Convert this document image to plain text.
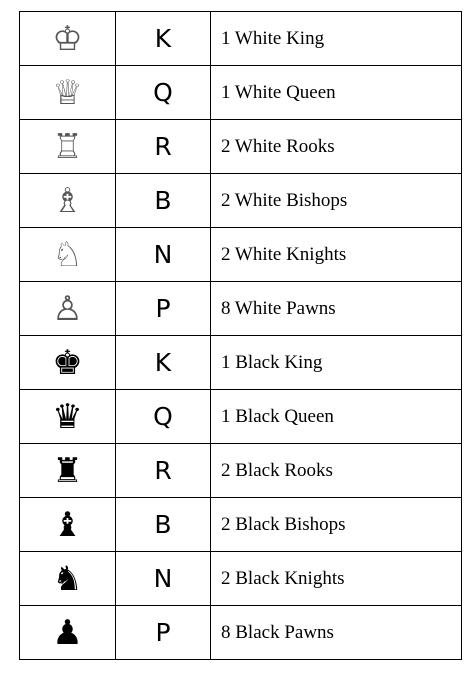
♔	K	1 White King
♕	Q	1 White Queen
♖	R	2 White Rooks
♗	B	2 White Bishops
♘	N	2 White Knights
♙	P	8 White Pawns
♚	K	1 Black King
♛	Q	1 Black Queen
♜	R	2 Black Rooks
♝	B	2 Black Bishops
♞	N	2 Black Knights
♟	P	8 Black Pawns
